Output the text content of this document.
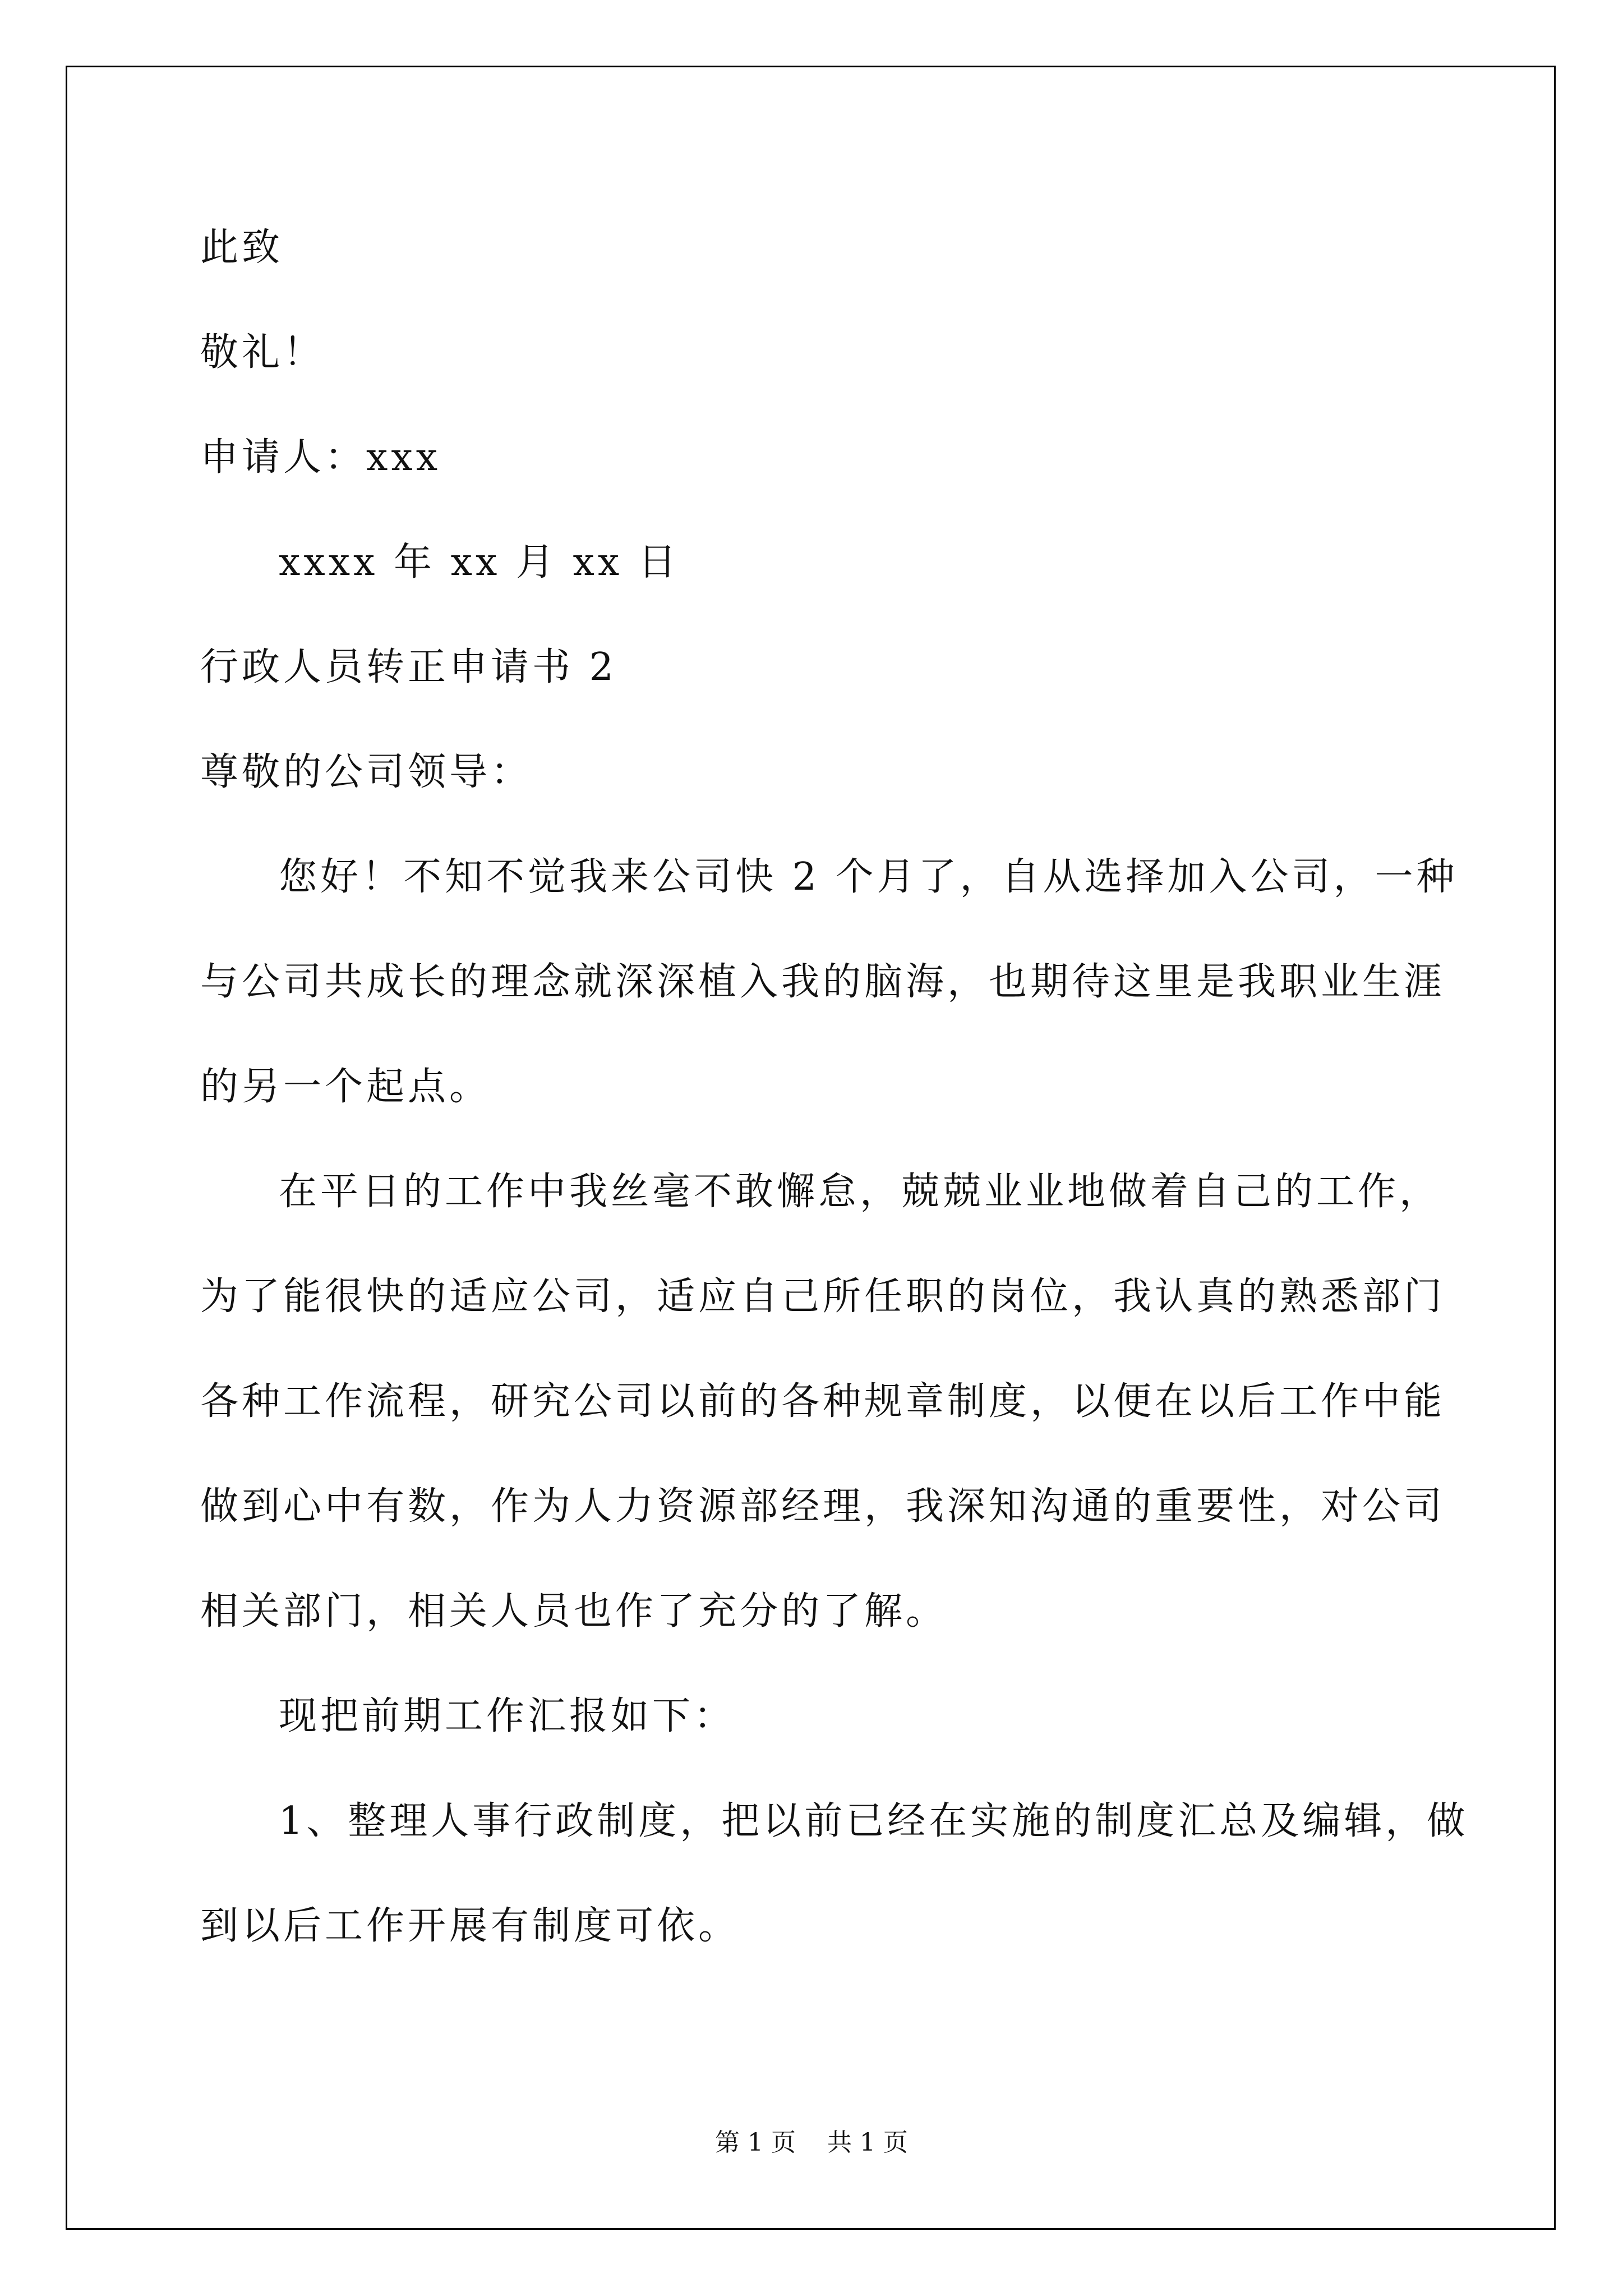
此致
敬礼！
申请人：xxx
xxxx 年 xx 月 xx 日
行政人员转正申请书 2
尊敬的公司领导：
您好！不知不觉我来公司快 2 个月了，自从选择加入公司，一种
与公司共成长的理念就深深植入我的脑海，也期待这里是我职业生涯
的另一个起点。
在平日的工作中我丝毫不敢懈怠，兢兢业业地做着自己的工作，
为了能很快的适应公司，适应自己所任职的岗位，我认真的熟悉部门
各种工作流程，研究公司以前的各种规章制度，以便在以后工作中能
做到心中有数，作为人力资源部经理，我深知沟通的重要性，对公司
相关部门，相关人员也作了充分的了解。
现把前期工作汇报如下：
1、整理人事行政制度，把以前已经在实施的制度汇总及编辑，做
到以后工作开展有制度可依。
第 1 页    共 1 页
